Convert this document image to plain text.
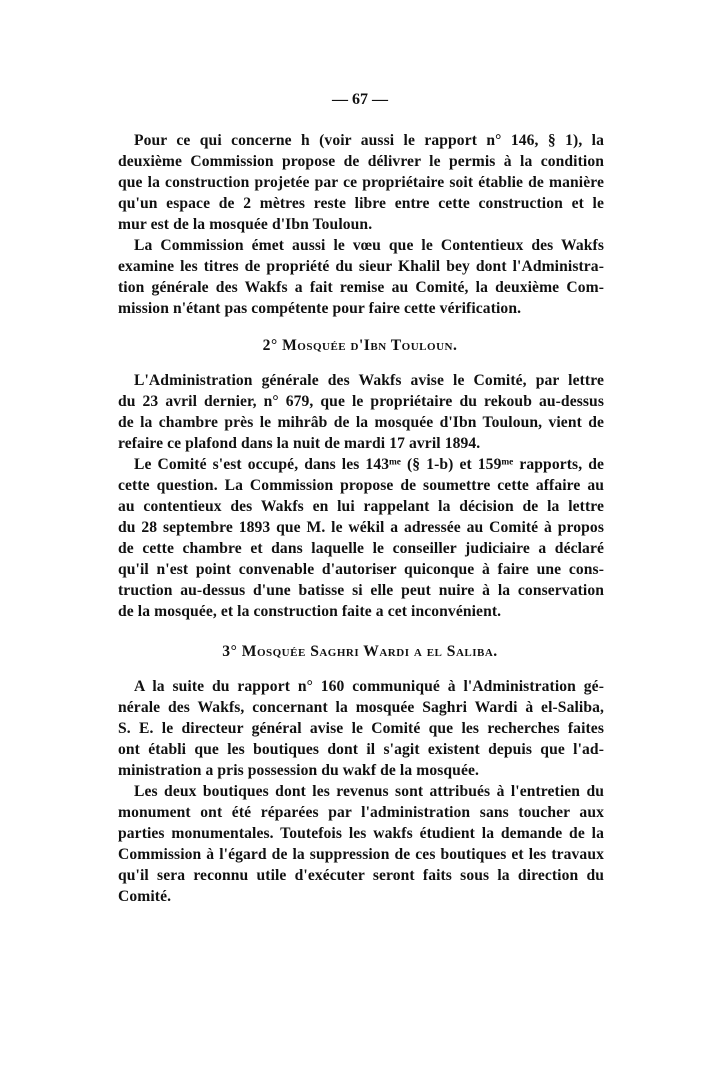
— 67 —
Pour ce qui concerne h (voir aussi le rapport n° 146, § 1), la
deuxième Commission propose de délivrer le permis à la condition
que la construction projetée par ce propriétaire soit établie de manière
qu'un espace de 2 mètres reste libre entre cette construction et le
mur est de la mosquée d'Ibn Touloun.
La Commission émet aussi le vœu que le Contentieux des Wakfs
examine les titres de propriété du sieur Khalil bey dont l'Administra-
tion générale des Wakfs a fait remise au Comité, la deuxième Com-
mission n'étant pas compétente pour faire cette vérification.
2° Mosquée d'Ibn Touloun.
L'Administration générale des Wakfs avise le Comité, par lettre
du 23 avril dernier, n° 679, que le propriétaire du rekoub au-dessus
de la chambre près le mihrâb de la mosquée d'Ibn Touloun, vient de
refaire ce plafond dans la nuit de mardi 17 avril 1894.
Le Comité s'est occupé, dans les 143ᵐᵉ (§ 1-b) et 159ᵐᵉ rapports, de
cette question. La Commission propose de soumettre cette affaire au
au contentieux des Wakfs en lui rappelant la décision de la lettre
du 28 septembre 1893 que M. le wékil a adressée au Comité à propos
de cette chambre et dans laquelle le conseiller judiciaire a déclaré
qu'il n'est point convenable d'autoriser quiconque à faire une cons-
truction au-dessus d'une batisse si elle peut nuire à la conservation
de la mosquée, et la construction faite a cet inconvénient.
3° Mosquée Saghri Wardi a el Saliba.
A la suite du rapport n° 160 communiqué à l'Administration gé-
nérale des Wakfs, concernant la mosquée Saghri Wardi à el-Saliba,
S. E. le directeur général avise le Comité que les recherches faites
ont établi que les boutiques dont il s'agit existent depuis que l'ad-
ministration a pris possession du wakf de la mosquée.
Les deux boutiques dont les revenus sont attribués à l'entretien du
monument ont été réparées par l'administration sans toucher aux
parties monumentales. Toutefois les wakfs étudient la demande de la
Commission à l'égard de la suppression de ces boutiques et les travaux
qu'il sera reconnu utile d'exécuter seront faits sous la direction du
Comité.
